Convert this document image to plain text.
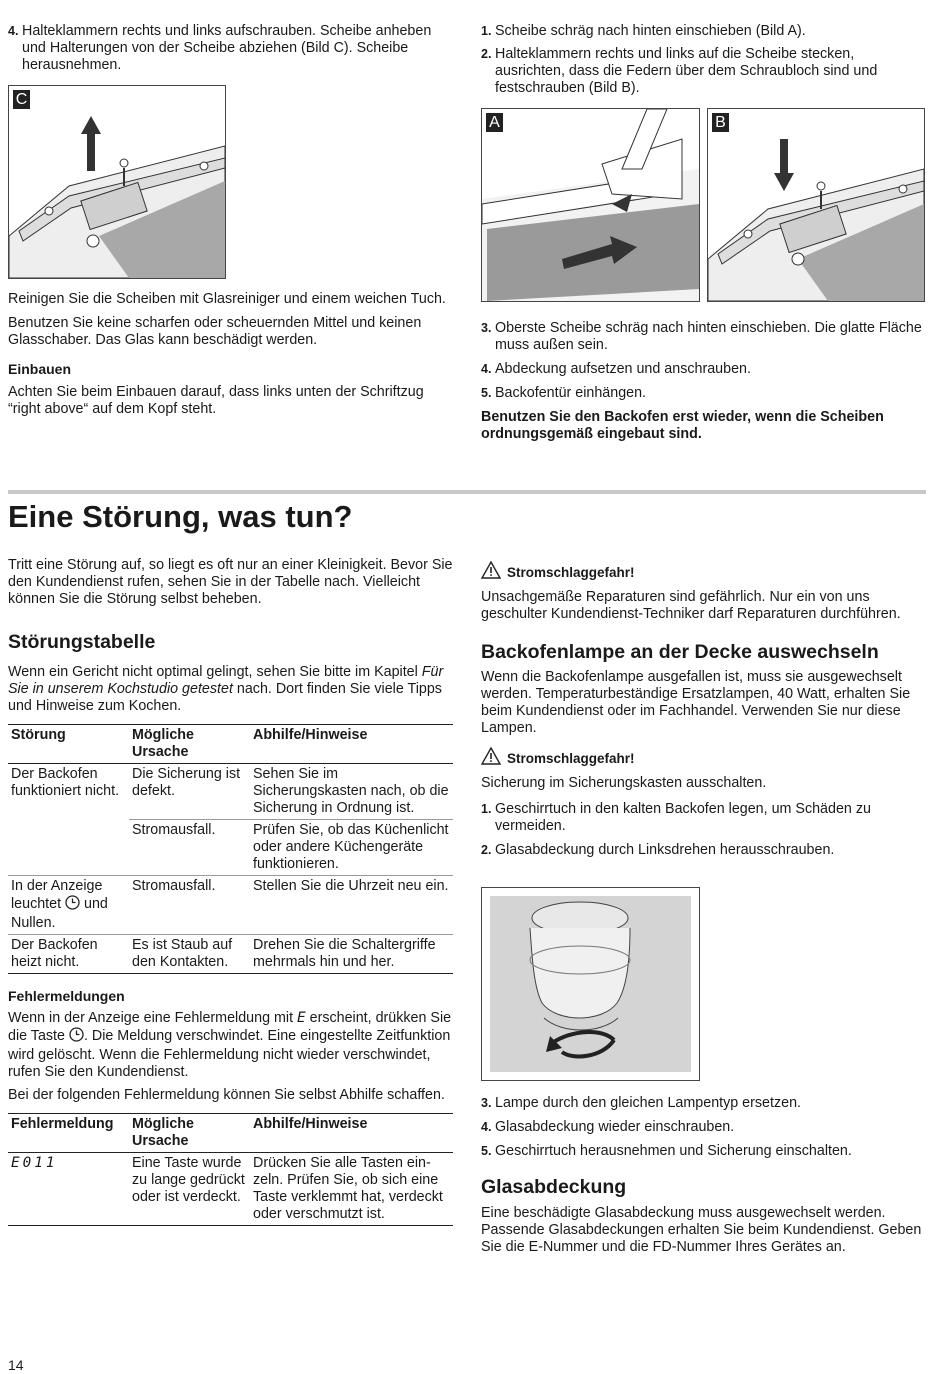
4. Halteklammern rechts und links aufschrauben. Scheibe anheben und Halterungen von der Scheibe abziehen (Bild C). Scheibe herausnehmen.

C

Reinigen Sie die Scheiben mit Glasreiniger und einem weichen Tuch.

Benutzen Sie keine scharfen oder scheuernden Mittel und keinen Glasschaber. Das Glas kann beschädigt werden.

Einbauen

Achten Sie beim Einbauen darauf, dass links unten der Schriftzug “right above“ auf dem Kopf steht.

1. Scheibe schräg nach hinten einschieben (Bild A).

2. Halteklammern rechts und links auf die Scheibe stecken, ausrichten, dass die Federn über dem Schraubloch sind und festschrauben (Bild B).

A	B
3. Oberste Scheibe schräg nach hinten einschieben. Die glatte Fläche muss außen sein.

4. Abdeckung aufsetzen und anschrauben.

5. Backofentür einhängen.

Benutzen Sie den Backofen erst wieder, wenn die Scheiben ordnungsgemäß eingebaut sind.

Eine Störung, was tun?

Tritt eine Störung auf, so liegt es oft nur an einer Kleinigkeit. Bevor Sie den Kundendienst rufen, sehen Sie in der Tabelle nach. Vielleicht können Sie die Störung selbst beheben.

Störungstabelle

Wenn ein Gericht nicht optimal gelingt, sehen Sie bitte im Kapitel Für Sie in unserem Kochstudio getestet nach. Dort finden Sie viele Tipps und Hinweise zum Kochen.

Störung	Mögliche Ursache	Abhilfe/Hinweise
Der Backofen funktioniert nicht.	Die Sicherung ist defekt.	Sehen Sie im Sicherungskasten nach, ob die Sicherung in Ordnung ist.
	Stromausfall.	Prüfen Sie, ob das Küchenlicht oder andere Küchengeräte funktionieren.
In der Anzeige leuchtet  und Nullen.	Stromausfall.	Stellen Sie die Uhrzeit neu ein.
Der Backofen heizt nicht.	Es ist Staub auf den Kontakten.	Drehen Sie die Schaltergriffe mehrmals hin und her.

Fehlermeldungen

Wenn in der Anzeige eine Fehlermeldung mit E erscheint, drükken Sie die Taste . Die Meldung verschwindet. Eine eingestellte Zeitfunktion wird gelöscht. Wenn die Fehlermeldung nicht wieder verschwindet, rufen Sie den Kundendienst.

Bei der folgenden Fehlermeldung können Sie selbst Abhilfe schaffen.

Fehlermeldung	Mögliche Ursache	Abhilfe/Hinweise
E011	Eine Taste wurde zu lange gedrückt oder ist verdeckt.	Drücken Sie alle Tasten einzeln. Prüfen Sie, ob sich eine Taste verklemmt hat, verdeckt oder verschmutzt ist.
Stromschlaggefahr!

Unsachgemäße Reparaturen sind gefährlich. Nur ein von uns geschulter Kundendienst-Techniker darf Reparaturen durchführen.

Backofenlampe an der Decke auswechseln

Wenn die Backofenlampe ausgefallen ist, muss sie ausgewechselt werden. Temperaturbeständige Ersatzlampen, 40 Watt, erhalten Sie beim Kundendienst oder im Fachhandel. Verwenden Sie nur diese Lampen.

Stromschlaggefahr!

Sicherung im Sicherungskasten ausschalten.

1. Geschirrtuch in den kalten Backofen legen, um Schäden zu vermeiden.

2. Glasabdeckung durch Linksdrehen herausschrauben.

3. Lampe durch den gleichen Lampentyp ersetzen.

4. Glasabdeckung wieder einschrauben.

5. Geschirrtuch herausnehmen und Sicherung einschalten.

Glasabdeckung

Eine beschädigte Glasabdeckung muss ausgewechselt werden. Passende Glasabdeckungen erhalten Sie beim Kundendienst. Geben Sie die E-Nummer und die FD-Nummer Ihres Gerätes an.

14
